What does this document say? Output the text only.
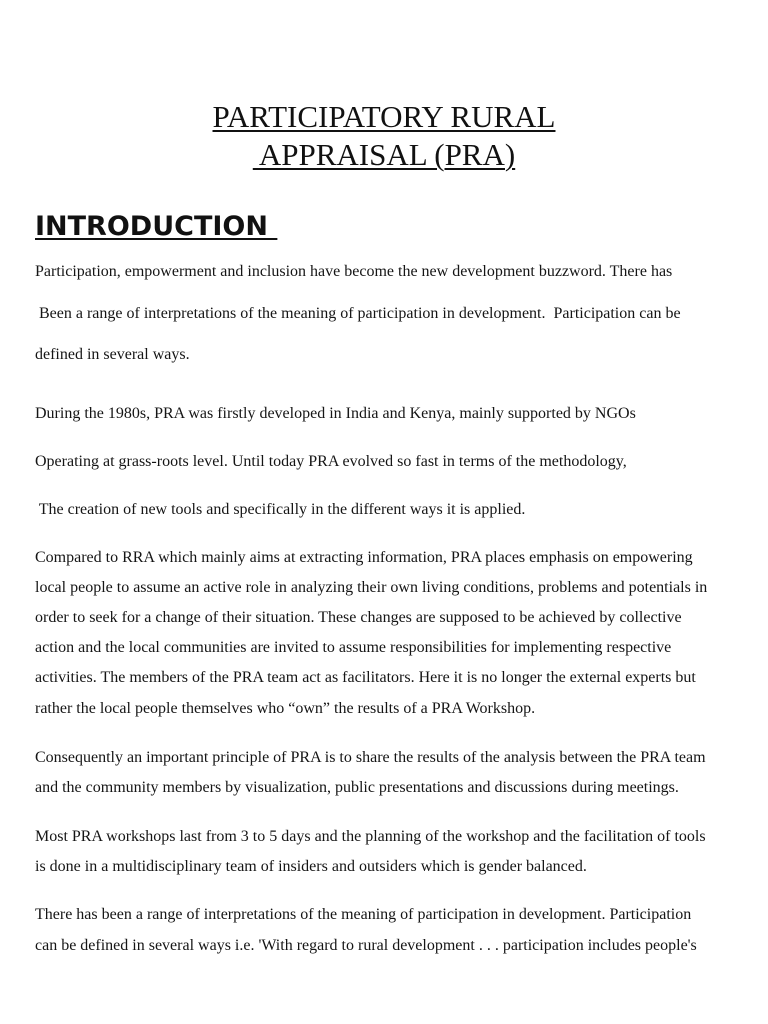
PARTICIPATORY RURAL
APPRAISAL (PRA)
INTRODUCTION
Participation, empowerment and inclusion have become the new development buzzword. There has
Been a range of interpretations of the meaning of participation in development.  Participation can be
defined in several ways.
During the 1980s, PRA was firstly developed in India and Kenya, mainly supported by NGOs
Operating at grass-roots level. Until today PRA evolved so fast in terms of the methodology,
The creation of new tools and specifically in the different ways it is applied.
Compared to RRA which mainly aims at extracting information, PRA places emphasis on empowering
local people to assume an active role in analyzing their own living conditions, problems and potentials in
order to seek for a change of their situation. These changes are supposed to be achieved by collective
action and the local communities are invited to assume responsibilities for implementing respective
activities. The members of the PRA team act as facilitators. Here it is no longer the external experts but
rather the local people themselves who “own” the results of a PRA Workshop.
Consequently an important principle of PRA is to share the results of the analysis between the PRA team
and the community members by visualization, public presentations and discussions during meetings.
Most PRA workshops last from 3 to 5 days and the planning of the workshop and the facilitation of tools
is done in a multidisciplinary team of insiders and outsiders which is gender balanced.
There has been a range of interpretations of the meaning of participation in development. Participation
can be defined in several ways i.e. 'With regard to rural development . . . participation includes people's
